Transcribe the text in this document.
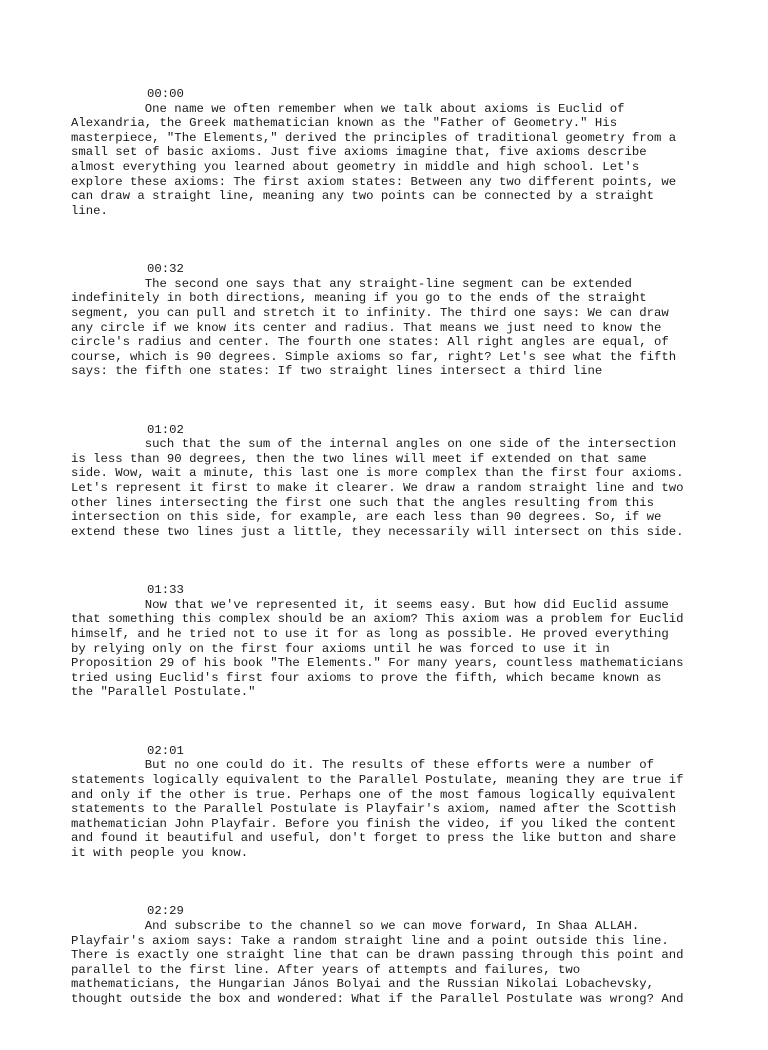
00:00
One name we often remember when we talk about axioms is Euclid of
Alexandria, the Greek mathematician known as the "Father of Geometry." His
masterpiece, "The Elements," derived the principles of traditional geometry from a
small set of basic axioms. Just five axioms imagine that, five axioms describe
almost everything you learned about geometry in middle and high school. Let's
explore these axioms: The first axiom states: Between any two different points, we
can draw a straight line, meaning any two points can be connected by a straight
line.
00:32
The second one says that any straight-line segment can be extended
indefinitely in both directions, meaning if you go to the ends of the straight
segment, you can pull and stretch it to infinity. The third one says: We can draw
any circle if we know its center and radius. That means we just need to know the
circle's radius and center. The fourth one states: All right angles are equal, of
course, which is 90 degrees. Simple axioms so far, right? Let's see what the fifth
says: the fifth one states: If two straight lines intersect a third line
01:02
such that the sum of the internal angles on one side of the intersection
is less than 90 degrees, then the two lines will meet if extended on that same
side. Wow, wait a minute, this last one is more complex than the first four axioms.
Let's represent it first to make it clearer. We draw a random straight line and two
other lines intersecting the first one such that the angles resulting from this
intersection on this side, for example, are each less than 90 degrees. So, if we
extend these two lines just a little, they necessarily will intersect on this side.
01:33
Now that we've represented it, it seems easy. But how did Euclid assume
that something this complex should be an axiom? This axiom was a problem for Euclid
himself, and he tried not to use it for as long as possible. He proved everything
by relying only on the first four axioms until he was forced to use it in
Proposition 29 of his book "The Elements." For many years, countless mathematicians
tried using Euclid's first four axioms to prove the fifth, which became known as
the "Parallel Postulate."
02:01
But no one could do it. The results of these efforts were a number of
statements logically equivalent to the Parallel Postulate, meaning they are true if
and only if the other is true. Perhaps one of the most famous logically equivalent
statements to the Parallel Postulate is Playfair's axiom, named after the Scottish
mathematician John Playfair. Before you finish the video, if you liked the content
and found it beautiful and useful, don't forget to press the like button and share
it with people you know.
02:29
And subscribe to the channel so we can move forward, In Shaa ALLAH.
Playfair's axiom says: Take a random straight line and a point outside this line.
There is exactly one straight line that can be drawn passing through this point and
parallel to the first line. After years of attempts and failures, two
mathematicians, the Hungarian János Bolyai and the Russian Nikolai Lobachevsky,
thought outside the box and wondered: What if the Parallel Postulate was wrong? And
